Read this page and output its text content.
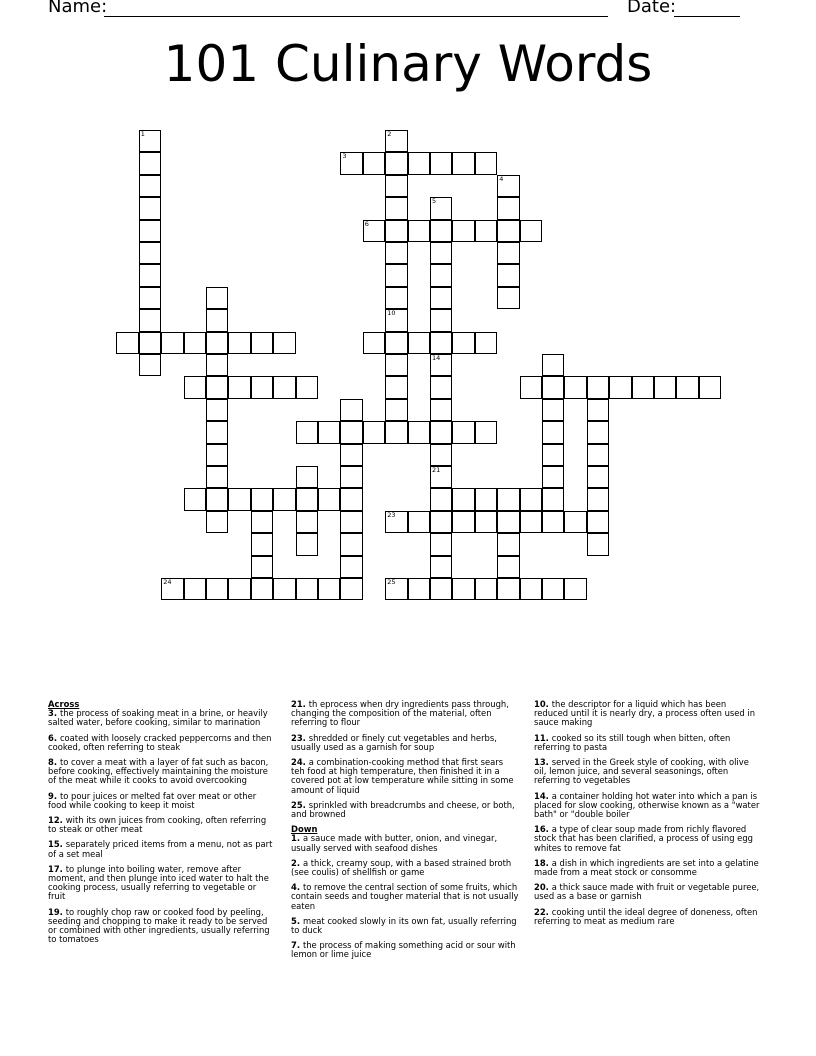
Name:	Date:
101 Culinary Words
1	2
10
3
4
5
14
6
21
23
24	25
Across

3. the process of soaking meat in a brine, or heavily salted water, before cooking, similar to marination

6. coated with loosely cracked peppercorns and then cooked, often referring to steak

8. to cover a meat with a layer of fat such as bacon, before cooking, effectively maintaining the moisture of the meat while it cooks to avoid overcooking

9. to pour juices or melted fat over meat or other food while cooking to keep it moist

12. with its own juices from cooking, often referring to steak or other meat

15. separately priced items from a menu, not as part of a set meal

17. to plunge into boiling water, remove after moment, and then plunge into iced water to halt the cooking process, usually referring to vegetable or fruit

19. to roughly chop raw or cooked food by peeling, seeding and chopping to make it ready to be served or combined with other ingredients, usually referring to tomatoes

21. th eprocess when dry ingredients pass through, changing the composition of the material, often referring to flour

23. shredded or finely cut vegetables and herbs, usually used as a garnish for soup

24. a combination-cooking method that first sears teh food at high temperature, then finished it in a covered pot at low temperature while sitting in some amount of liquid

25. sprinkled with breadcrumbs and cheese, or both, and browned

Down

1. a sauce made with butter, onion, and vinegar, usually served with seafood dishes

2. a thick, creamy soup, with a based strained broth (see coulis) of shellfish or game

4. to remove the central section of some fruits, which contain seeds and tougher material that is not usually eaten

5. meat cooked slowly in its own fat, usually referring to duck

7. the process of making something acid or sour with lemon or lime juice

10. the descriptor for a liquid which has been reduced until it is nearly dry, a process often used in sauce making

11. cooked so its still tough when bitten, often referring to pasta

13. served in the Greek style of cooking, with olive oil, lemon juice, and several seasonings, often referring to vegetables

14. a container holding hot water into which a pan is placed for slow cooking, otherwise known as a "water bath" or "double boiler

16. a type of clear soup made from richly flavored stock that has been clarified, a process of using egg whites to remove fat

18. a dish in which ingredients are set into a gelatine made from a meat stock or consomme

20. a thick sauce made with fruit or vegetable puree, used as a base or garnish

22. cooking until the ideal degree of doneness, often referring to meat as medium rare
